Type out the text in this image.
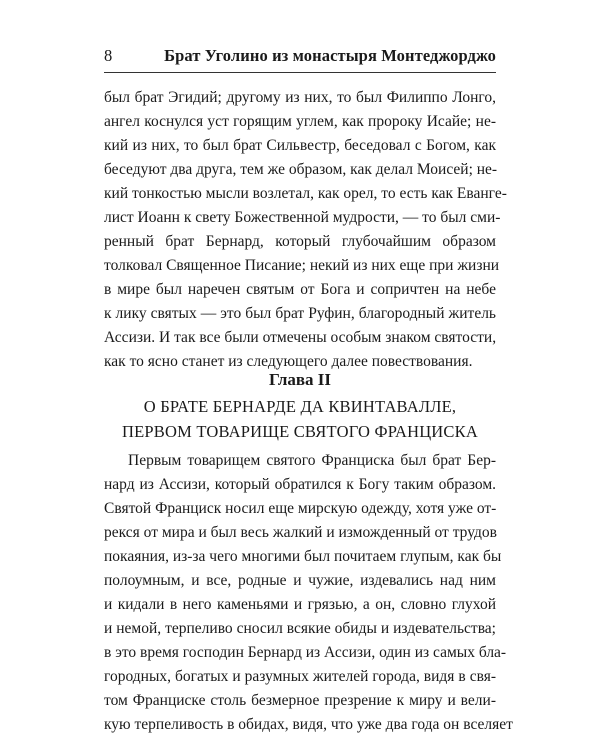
8	Брат Уголино из монастыря Монтеджорджо
был брат Эгидий; другому из них, то был Филиппо Лонго,
ангел коснулся уст горящим углем, как пророку Исайе; не-
кий из них, то был брат Сильвестр, беседовал с Богом, как
беседуют два друга, тем же образом, как делал Моисей; не-
кий тонкостью мысли возлетал, как орел, то есть как Еванге-
лист Иоанн к свету Божественной мудрости, — то был сми-
ренный брат Бернард, который глубочайшим образом
толковал Священное Писание; некий из них еще при жизни
в мире был наречен святым от Бога и сопричтен на небе
к лику святых — это был брат Руфин, благородный житель
Ассизи. И так все были отмечены особым знаком святости,
как то ясно станет из следующего далее повествования.
Глава II
О БРАТЕ БЕРНАРДЕ ДА КВИНТАВАЛЛЕ,
ПЕРВОМ ТОВАРИЩЕ СВЯТОГО ФРАНЦИСКА
Первым товарищем святого Франциска был брат Бер-
нард из Ассизи, который обратился к Богу таким образом.
Святой Франциск носил еще мирскую одежду, хотя уже от-
рекся от мира и был весь жалкий и изможденный от трудов
покаяния, из-за чего многими был почитаем глупым, как бы
полоумным, и все, родные и чужие, издевались над ним
и кидали в него каменьями и грязью, а он, словно глухой
и немой, терпеливо сносил всякие обиды и издевательства;
в это время господин Бернард из Ассизи, один из самых бла-
городных, богатых и разумных жителей города, видя в свя-
том Франциске столь безмерное презрение к миру и вели-
кую терпеливость в обидах, видя, что уже два года он вселяет
